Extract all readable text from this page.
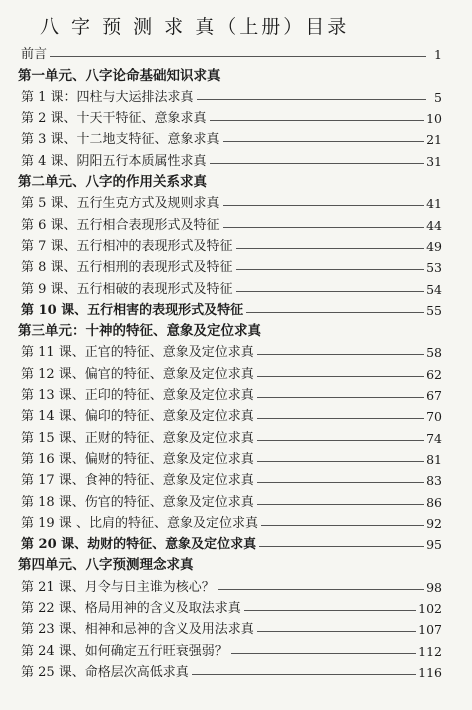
八 字 预 测 求 真（上册）目录
前言	1
第一单元、八字论命基础知识求真
第 1 课：四柱与大运排法求真	5
第 2 课、十天干特征、意象求真	10
第 3 课、十二地支特征、意象求真	21
第 4 课、阴阳五行本质属性求真	31
第二单元、八字的作用关系求真
第 5 课、五行生克方式及规则求真	41
第 6 课、五行相合表现形式及特征	44
第 7 课、五行相冲的表现形式及特征	49
第 8 课、五行相刑的表现形式及特征	53
第 9 课、五行相破的表现形式及特征	54
第 10 课、五行相害的表现形式及特征	55
第三单元：十神的特征、意象及定位求真
第 11 课、正官的特征、意象及定位求真	58
第 12 课、偏官的特征、意象及定位求真	62
第 13 课、正印的特征、意象及定位求真	67
第 14 课、偏印的特征、意象及定位求真	70
第 15 课、正财的特征、意象及定位求真	74
第 16 课、偏财的特征、意象及定位求真	81
第 17 课、食神的特征、意象及定位求真	83
第 18 课、伤官的特征、意象及定位求真	86
第 19 课 、比肩的特征、意象及定位求真	92
第 20 课、劫财的特征、意象及定位求真	95
第四单元、八字预测理念求真
第 21 课、月令与日主谁为核心？	98
第 22 课、格局用神的含义及取法求真	102
第 23 课、相神和忌神的含义及用法求真	107
第 24 课、如何确定五行旺衰强弱？	112
第 25 课、命格层次高低求真	116
